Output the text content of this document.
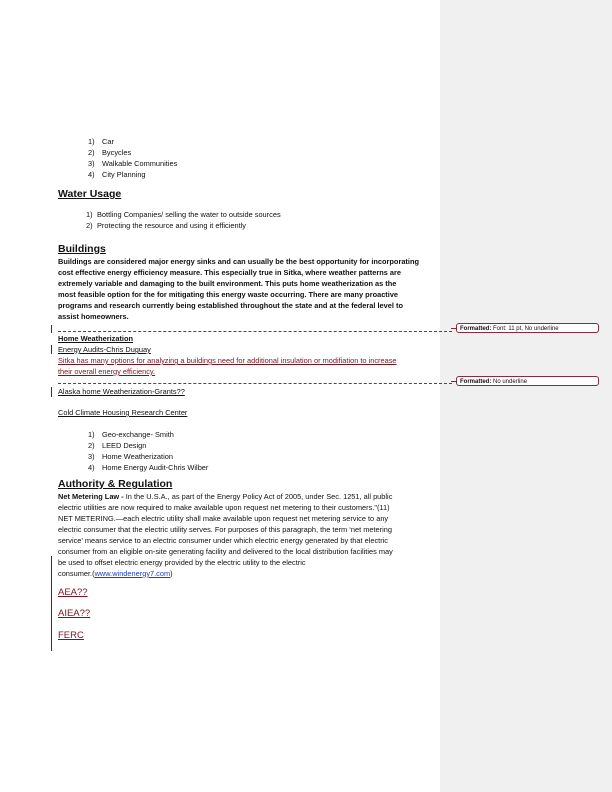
1) Car
2) Bycycles
3) Walkable Communities
4) City Planning
Water Usage
1) Bottling Companies/ selling the water to outside sources
2) Protecting the resource and using it efficiently
Buildings
Buildings are considered major energy sinks and can usually be the best opportunity for incorporating
cost effective energy efficiency measure. This especially true in Sitka, where weather patterns are
extremely variable and damaging to the built environment. This puts home weatherization as the
most feasible option for the for mitigating this energy waste occurring. There are many proactive
programs and research currently being established throughout the state and at the federal level to
assist homeowners.
Formatted: Font: 11 pt, No underline
Home Weatherization
Energy Audits-Chris Duguay
Sitka has many options for analyzing a buildings need for additional insulation or modifiation to increase
their overall energy efficiency.
Formatted: No underline
Alaska home Weatherization-Grants??
Cold Climate Housing Research Center
1) Geo-exchange- Smith
2) LEED Design
3) Home Weatherization
4) Home Energy Audit-Chris Wilber
Authority & Regulation
Net Metering Law - In the U.S.A., as part of the Energy Policy Act of 2005, under Sec. 1251, all public
electric utilities are now required to make available upon request net metering to their customers."(11)
NET METERING.—each electric utility shall make available upon request net metering service to any
electric consumer that the electric utility serves. For purposes of this paragraph, the term ‘net metering
service’ means service to an electric consumer under which electric energy generated by that electric
consumer from an eligible on-site generating facility and delivered to the local distribution facilities may
be used to offset electric energy provided by the electric utility to the electric
consumer.(www.windenergy7.com)
AEA??
AIEA??
FERC
